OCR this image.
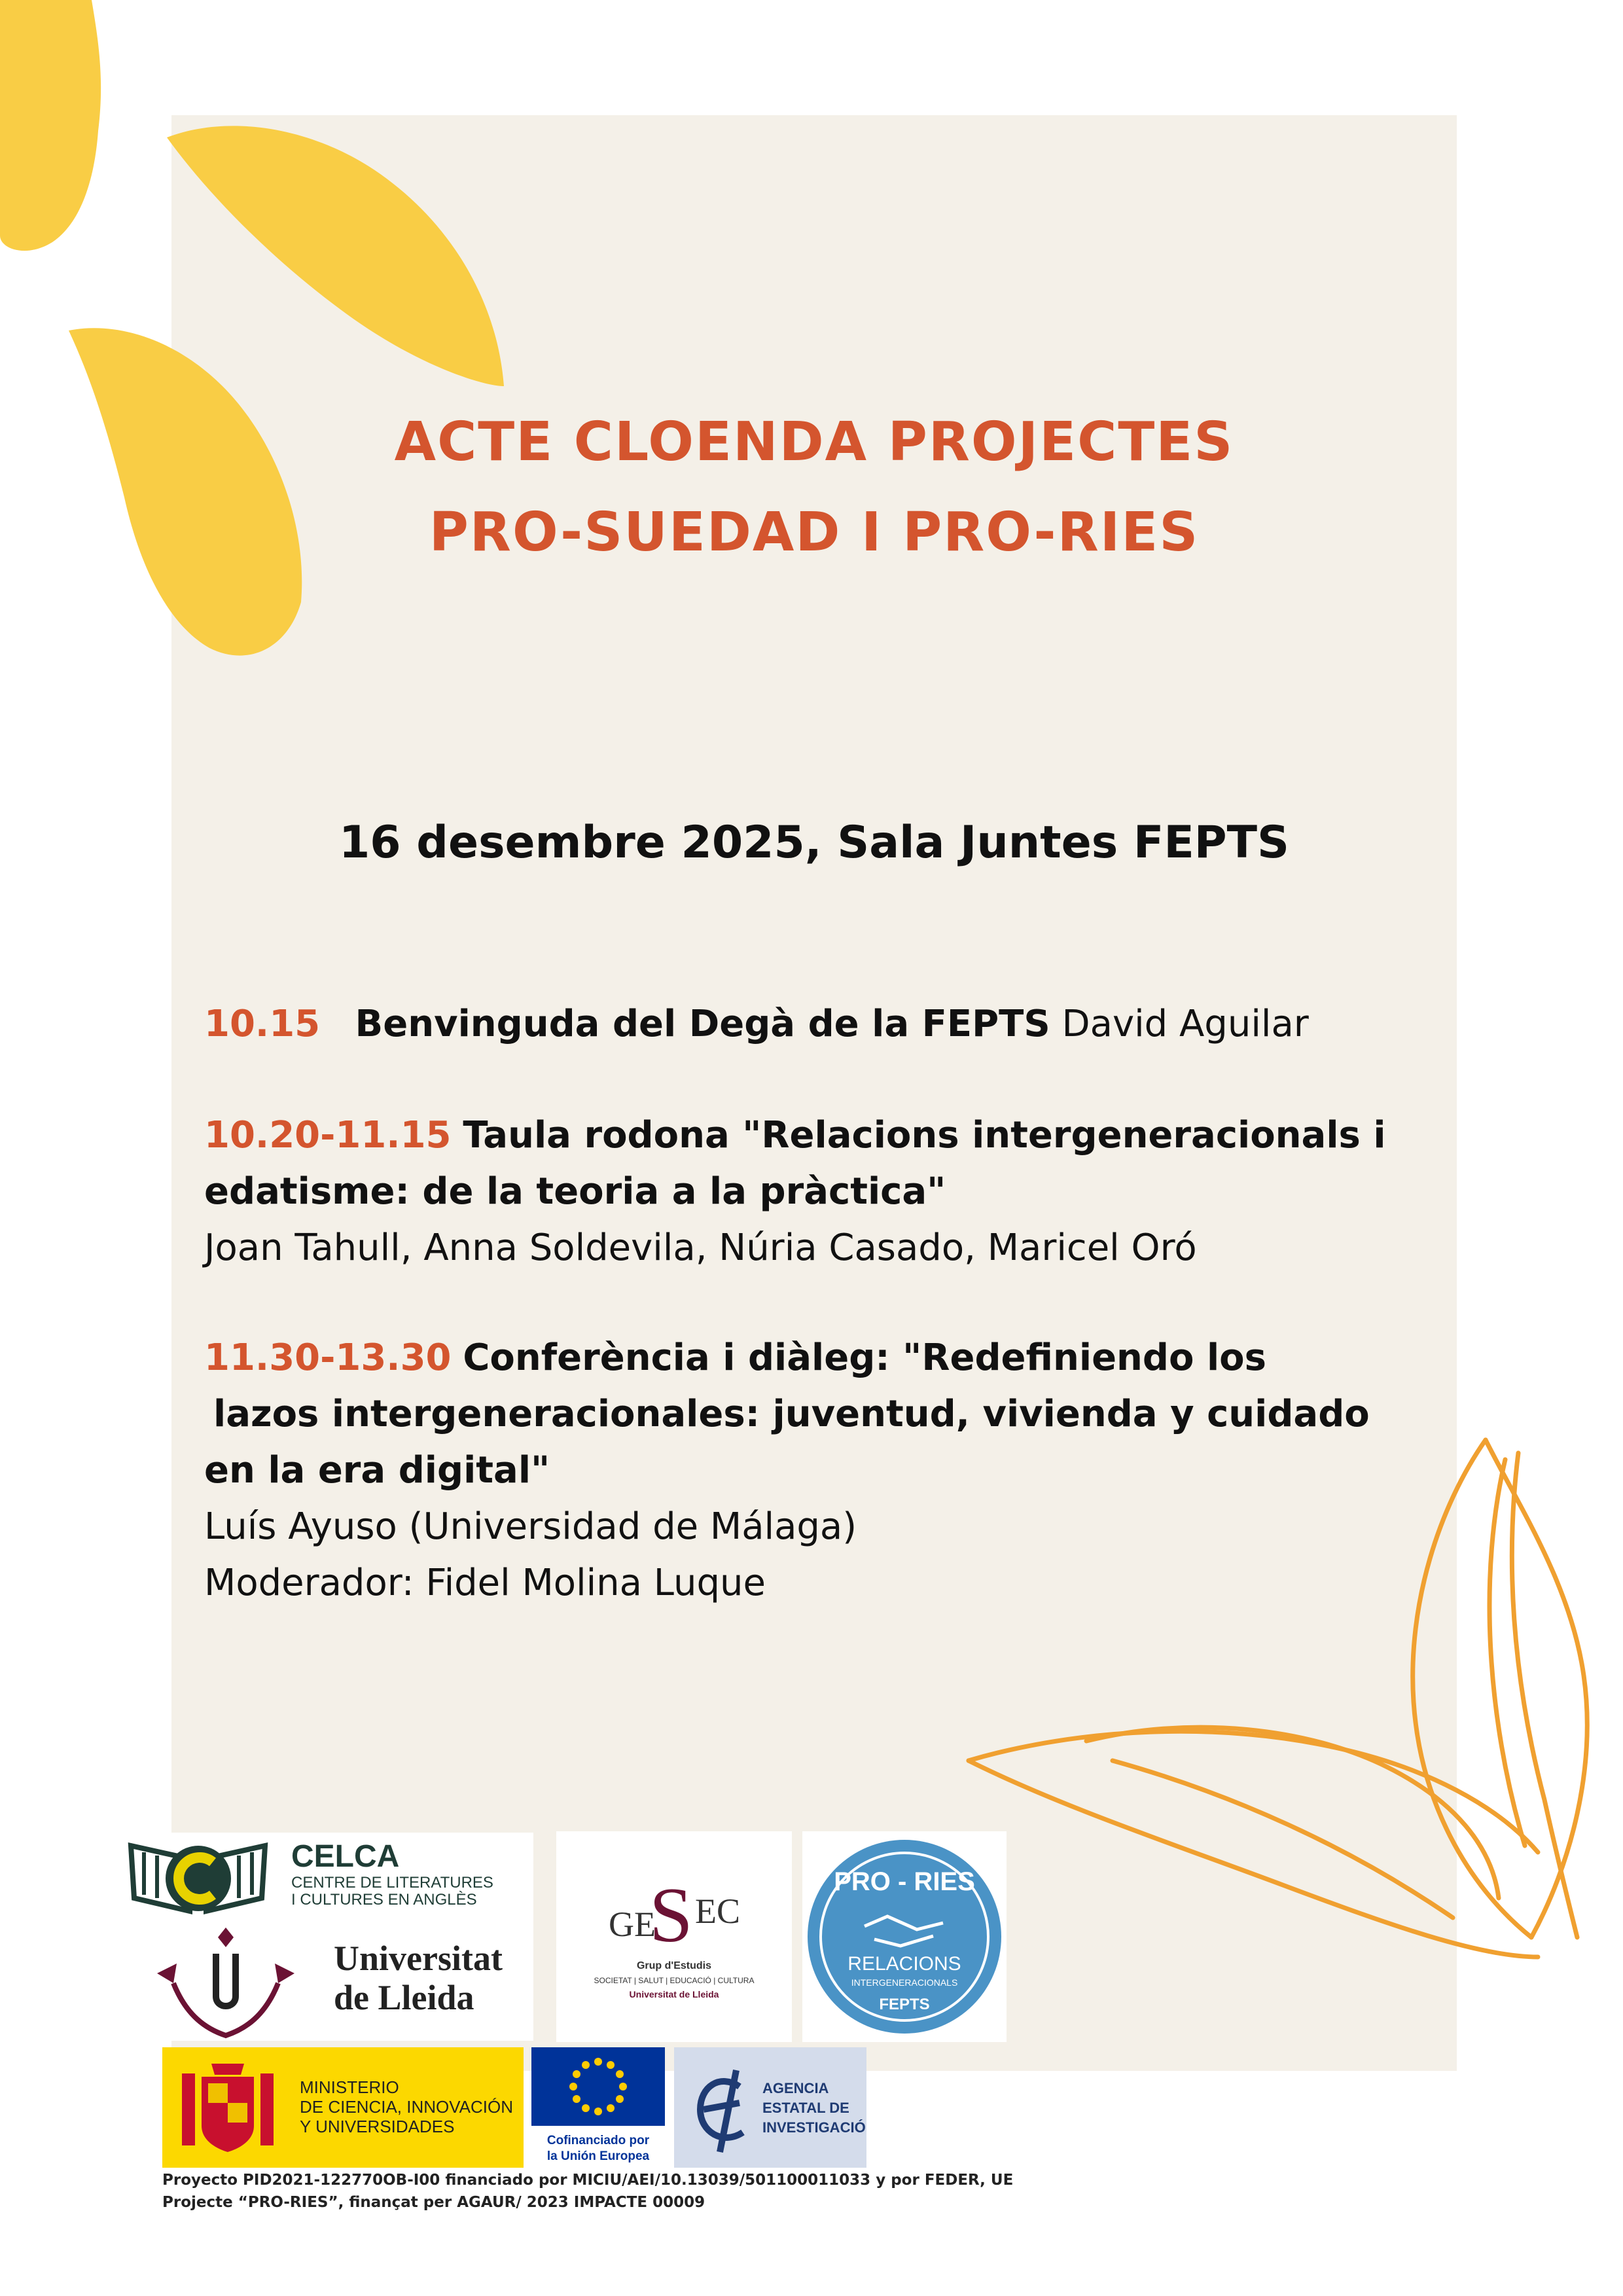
ACTE CLOENDA PROJECTES
PRO-SUEDAD I PRO-RIES

16 desembre 2025, Sala Juntes FEPTS

10.15 Benvinguda del Degà de la FEPTS David Aguilar
10.20-11.15 Taula rodona "Relacions intergeneracionals i
edatisme: de la teoria a la pràctica"
Joan Tahull, Anna Soldevila, Núria Casado, Maricel Oró
11.30-13.30 Conferència i diàleg: "Redefiniendo los
lazos intergeneracionales: juventud, vivienda y cuidado
en la era digital"
Luís Ayuso (Universidad de Málaga)
Moderador: Fidel Molina Luque
CELCA
CENTRE DE LITERATURES
I CULTURES EN ANGLÈS
Universitat
de Lleida
GE
S EC
Grup d'Estudis
SOCIETAT | SALUT | EDUCACIÓ | CULTURA
Universitat de Lleida
PRO - RIES
RELACIONS
INTERGENERACIONALS
FEPTS
MINISTERIO
DE CIENCIA, INNOVACIÓN
Y UNIVERSIDADES
Cofinanciado por
la Unión Europea
AGENCIA
ESTATAL DE
INVESTIGACIÓN
Proyecto PID2021-122770OB-I00 financiado por MICIU/AEI/10.13039/501100011033 y por FEDER, UE
Projecte “PRO-RIES”, finançat per AGAUR/ 2023 IMPACTE 00009
